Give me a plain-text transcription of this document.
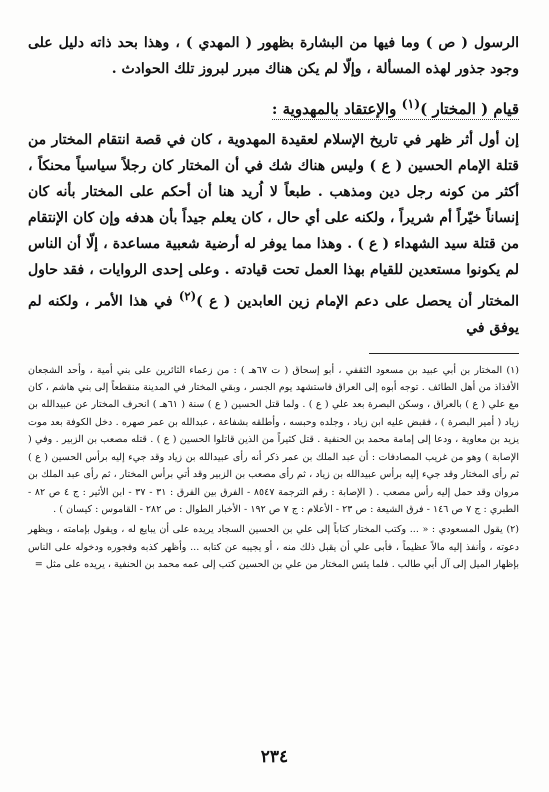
الرسول ( ص ) وما فيها من البشارة بظهور ( المهدي ) ، وهذا بحد ذاته دليل على وجود جذور لهذه المسألة ، وإلّا لم يكن هناك مبرر لبروز تلك الحوادث .

قيام ( المختار )$^{(١)}$ والإعتقاد بالمهدوية :

إن أول أثر ظهر في تاريخ الإسلام لعقيدة المهدوية ، كان في قصة انتقام المختار من قتلة الإمام الحسين ( ع ) وليس هناك شك في أن المختار كان رجلاً سياسياً محنكاً ، أكثر من كونه رجل دين ومذهب . طبعاً لا اُريد هنا أن أحكم على المختار بأنه كان إنساناً خيّراً أم شريراً ، ولكنه على أي حال ، كان يعلم جيداً بأن هدفه وإن كان الإنتقام من قتلة سيد الشهداء ( ع ) . وهذا مما يوفر له أرضية شعبية مساعدة ، إلّا أن الناس لم يكونوا مستعدين للقيام بهذا العمل تحت قيادته . وعلى إحدى الروايات ، فقد حاول المختار أن يحصل على دعم الإمام زين العابدين ( ع )$^{(٢)}$ في هذا الأمر ، ولكنه لم يوفق في

(١) المختار بن أبي عبيد بن مسعود الثقفي ، أبو إسحاق ( ت ٦٧هـ ) : من زعماء الثائرين على بني أمية ، وأحد الشجعان الأفذاذ من أهل الطائف . توجه أبوه إلى العراق فاستشهد يوم الجسر ، وبقي المختار في المدينة منقطعاً إلى بني هاشم ، كان مع علي ( ع ) بالعراق ، وسكن البصرة بعد علي ( ع ) . ولما قتل الحسين ( ع ) سنة ( ٦١هـ ) انحرف المختار عن عبيدالله بن زياد ( أمير البصرة ) ، فقبض عليه ابن زياد ، وجلده وحبسه ، وأطلقه بشفاعة ، عبدالله بن عمر صهره . دخل الكوفة بعد موت يزيد بن معاوية ، ودعا إلى إمامة محمد بن الحنفية . قتل كثيراً من الذين قاتلوا الحسين ( ع ) . قتله مصعب بن الزبير . وفي ( الإصابة ) وهو من غريب المصادفات : أن عبد الملك بن عمر ذكر أنه رأى عبيدالله بن زياد وقد جيء إليه برأس الحسين ( ع ) ثم رأى المختار وقد جيء إليه برأس عبيدالله بن زياد ، ثم رأى مصعب بن الزبير وقد أتي برأس المختار ، ثم رأى عبد الملك بن مروان وقد حمل إليه رأس مصعب . ( الإصابة : رقم الترجمة ٨٥٤٧ - الفرق بين الفرق : ٣١ - ٣٧ - ابن الأثير : ج ٤ ص ٨٢ - الطبري : ج ٧ ص ١٤٦ - فرق الشيعة : ص ٢٣ - الأعلام : ج ٧ ص ١٩٢ - الأخبار الطوال : ص ٢٨٢ - القاموس : كيسان ) .

(٢) يقول المسعودي : « ... وكتب المختار كتاباً إلى علي بن الحسين السجاد يريده على أن يبايع له ، ويقول بإمامته ، ويظهر دعوته ، وأنفذ إليه مالاً عظيماً ، فأبى علي أن يقبل ذلك منه ، أو يجيبه عن كتابه ... وأظهر كذبه وفجوره ودخوله على الناس بإظهار الميل إلى آل أبي طالب . فلما يئس المختار من علي بن الحسين كتب إلى عمه محمد بن الحنفية ، يريده على مثل =

٢٣٤
